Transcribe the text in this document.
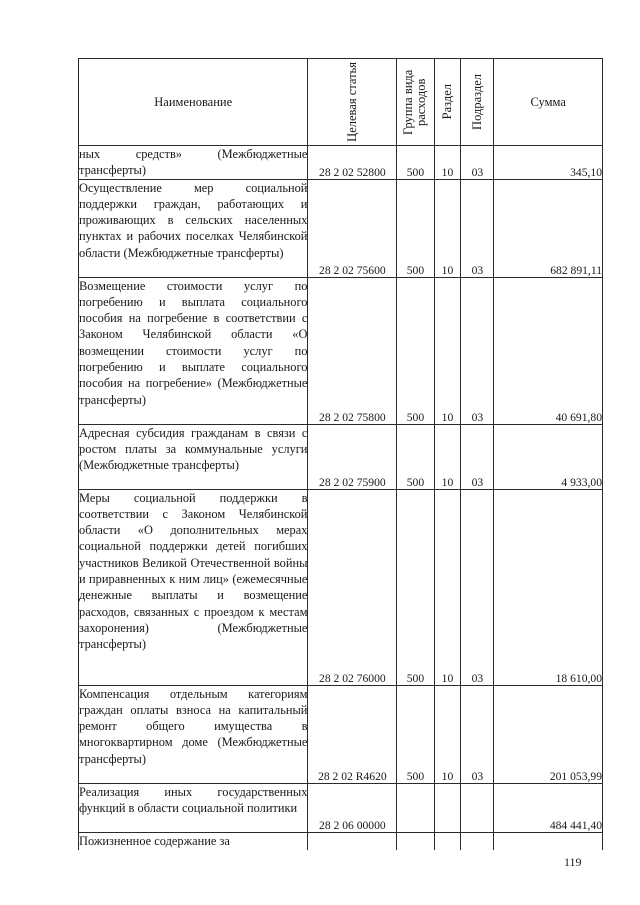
Наименование	Целевая статья	Группа вида расходов	Раздел	Подраздел	Сумма

ных средств» (Межбюджетные трансферты)	28 2 02 52800	500	10	03	345,10
Осуществление мер социальной поддержки граждан, работающих и проживающих в сельских населенных пунктах и рабочих поселках Челябинской области (Межбюджетные трансферты)	28 2 02 75600	500	10	03	682 891,11
Возмещение стоимости услуг по погребению и выплата социального пособия на погребение в соответствии с Законом Челябинской области «О возмещении стоимости услуг по погребению и выплате социального пособия на погребение» (Межбюджетные трансферты)	28 2 02 75800	500	10	03	40 691,80
Адресная субсидия гражданам в связи с ростом платы за коммунальные услуги (Межбюджетные трансферты)	28 2 02 75900	500	10	03	4 933,00
Меры социальной поддержки в соответствии с Законом Челябинской области «О дополнительных мерах социальной поддержки детей погибших участников Великой Отечественной войны и приравненных к ним лиц» (ежемесячные денежные выплаты и возмещение расходов, связанных с проездом к местам захоронения) (Межбюджетные трансферты)	28 2 02 76000	500	10	03	18 610,00
Компенсация отдельным категориям граждан оплаты взноса на капитальный ремонт общего имущества в многоквартирном доме (Межбюджетные трансферты)	28 2 02 R4620	500	10	03	201 053,99
Реализация иных государственных функций в области социальной политики	28 2 06 00000				484 441,40
Пожизненное содержание за					
119
